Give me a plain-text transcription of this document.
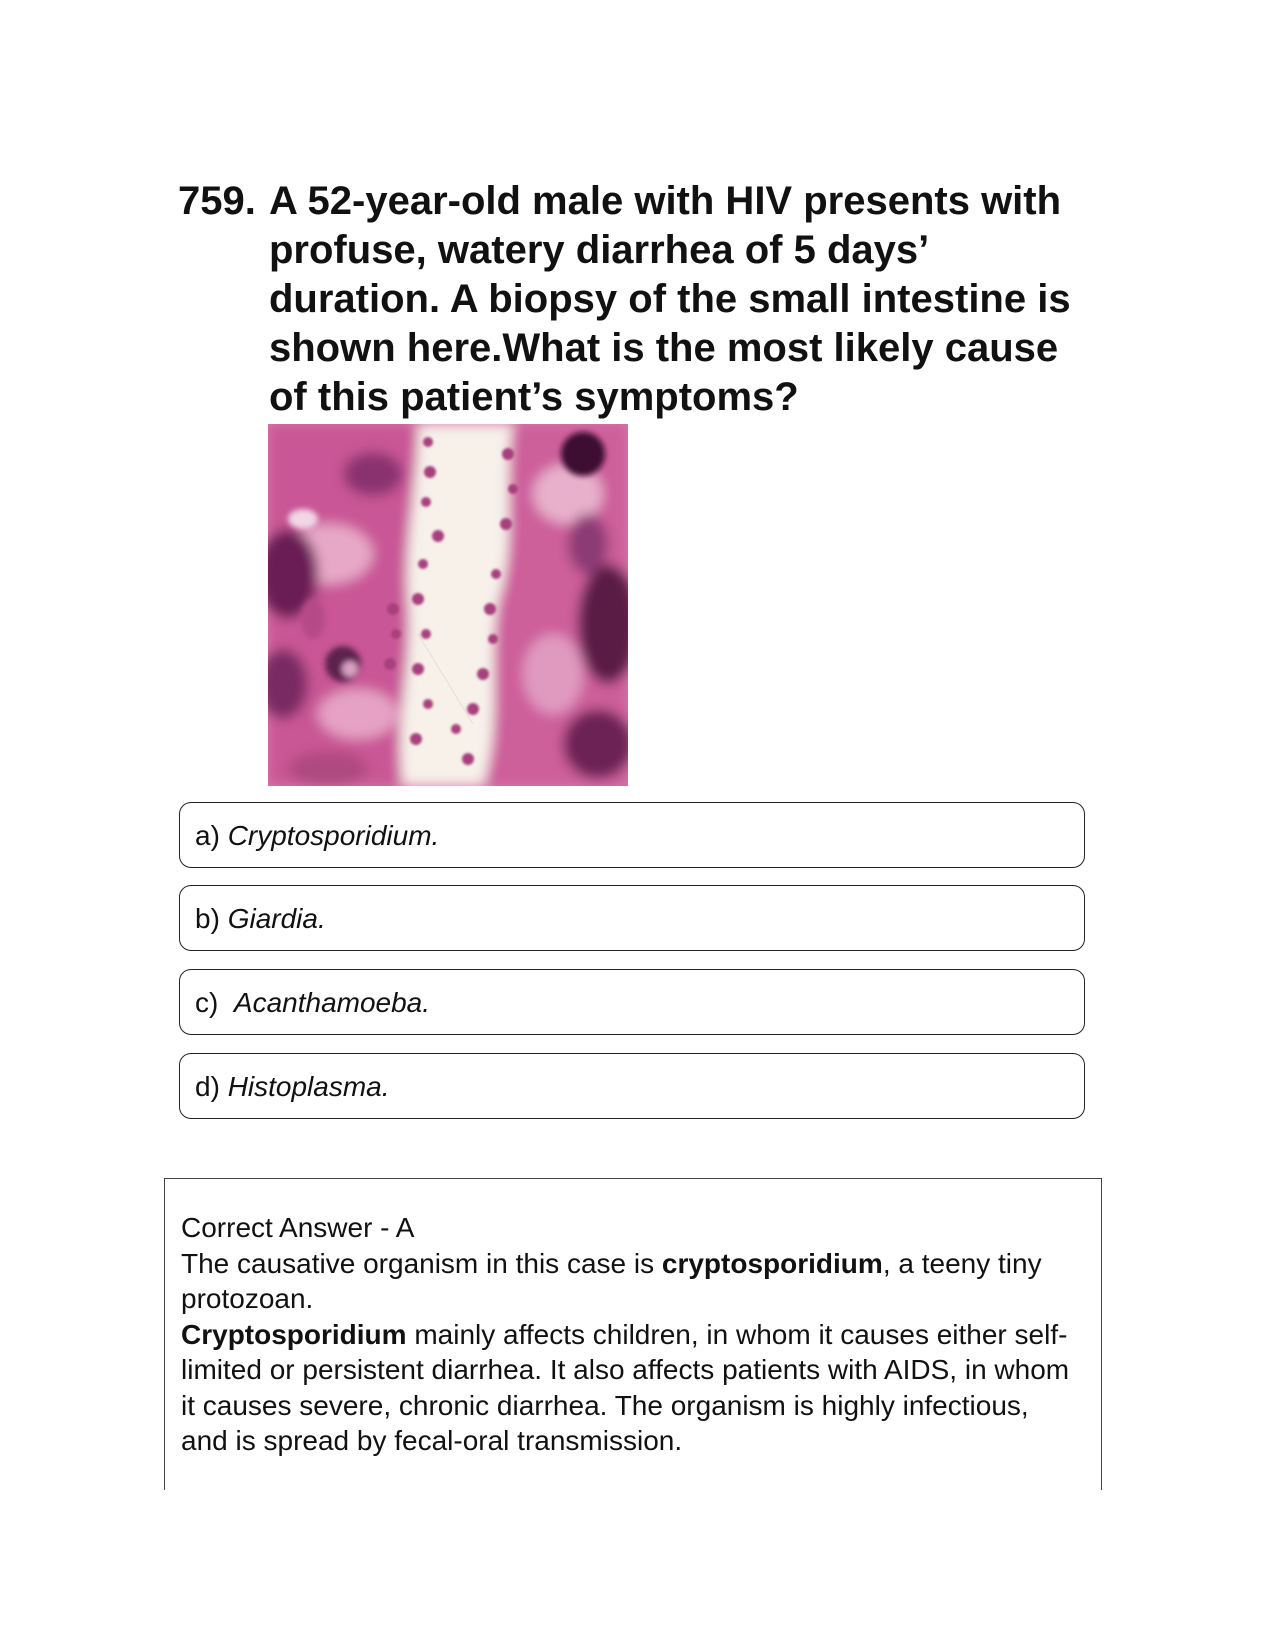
759. A 52-year-old male with HIV presents with profuse, watery diarrhea of 5 days’ duration. A biopsy of the small intestine is shown here.What is the most likely cause of this patient’s symptoms?
a) Cryptosporidium.
b) Giardia.
c)  Acanthamoeba.
d) Histoplasma.

Correct Answer - A

The causative organism in this case is cryptosporidium, a teeny tiny protozoan.

Cryptosporidium mainly affects children, in whom it causes either self-limited or persistent diarrhea. It also affects patients with AIDS, in whom it causes severe, chronic diarrhea. The organism is highly infectious, and is spread by fecal-oral transmission.
